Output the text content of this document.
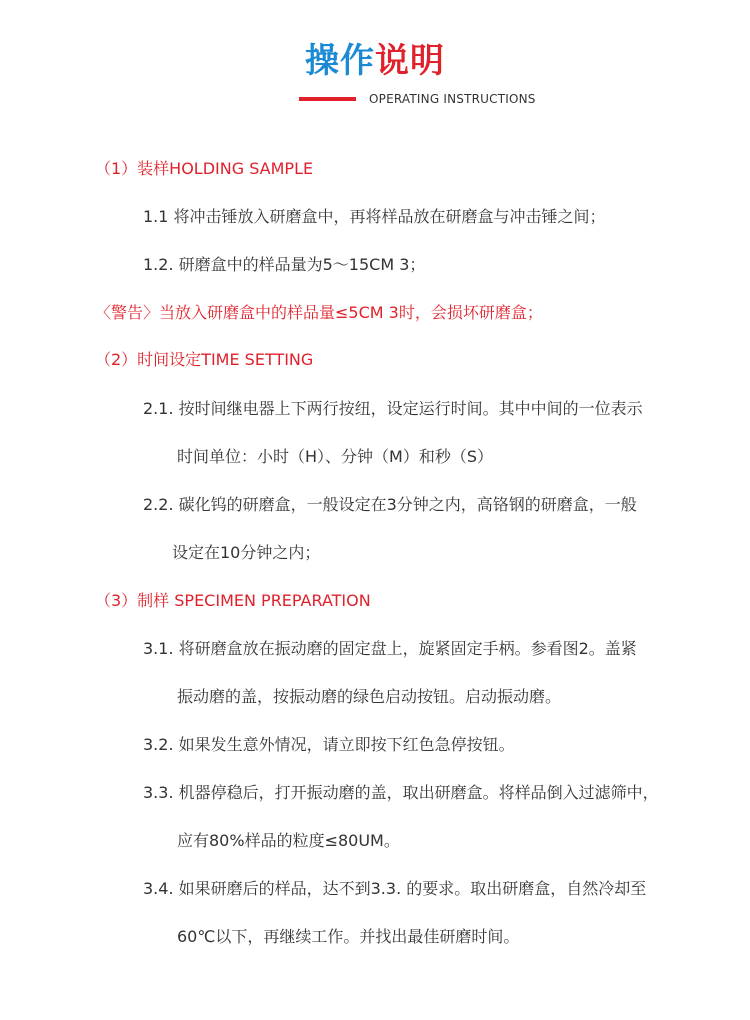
操作说明
OPERATING INSTRUCTIONS
（1）装样HOLDING SAMPLE
1.1 将冲击锤放入研磨盒中，再将样品放在研磨盒与冲击锤之间；
1.2. 研磨盒中的样品量为5～15CM 3；
〈警告〉当放入研磨盒中的样品量≤5CM 3时，会损坏研磨盒；
（2）时间设定TIME SETTING
2.1. 按时间继电器上下两行按纽，设定运行时间。其中中间的一位表示
时间单位：小时（H）、分钟（M）和秒（S）
2.2. 碳化钨的研磨盒，一般设定在3分钟之内，高铬钢的研磨盒，一般
设定在10分钟之内；
（3）制样 SPECIMEN PREPARATION
3.1. 将研磨盒放在振动磨的固定盘上，旋紧固定手柄。参看图2。盖紧
振动磨的盖，按振动磨的绿色启动按钮。启动振动磨。
3.2. 如果发生意外情况，请立即按下红色急停按钮。
3.3. 机器停稳后，打开振动磨的盖，取出研磨盒。将样品倒入过滤筛中，
应有80%样品的粒度≤80UM。
3.4. 如果研磨后的样品，达不到3.3. 的要求。取出研磨盒，自然冷却至
60℃以下，再继续工作。并找出最佳研磨时间。
